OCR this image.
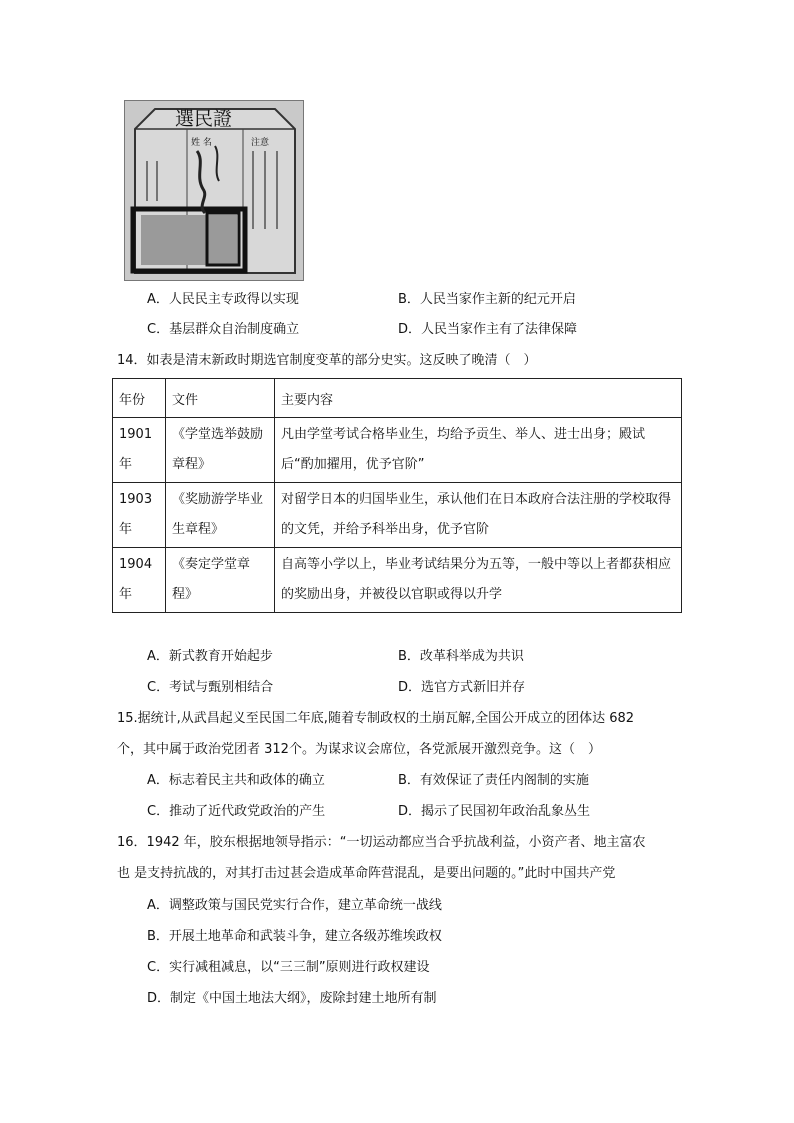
選民證
姓 名	注意
A．人民民主专政得以实现	B．人民当家作主新的纪元开启
C．基层群众自治制度确立	D．人民当家作主有了法律保障
14．如表是清末新政时期选官制度变革的部分史实。这反映了晚清（　）
年份	文件	主要内容
1901年	《学堂选举鼓励章程》	凡由学堂考试合格毕业生，均给予贡生、举人、进士出身；殿试后“酌加擢用，优予官阶”
1903年	《奖励游学毕业生章程》	对留学日本的归国毕业生，承认他们在日本政府合法注册的学校取得的文凭，并给予科举出身，优予官阶
1904年	《奏定学堂章程》	自高等小学以上，毕业考试结果分为五等，一般中等以上者都获相应的奖励出身，并被役以官职或得以升学
A．新式教育开始起步	B．改革科举成为共识
C．考试与甄别相结合	D．选官方式新旧并存
15.据统计,从武昌起义至民国二年底,随着专制政权的土崩瓦解,全国公开成立的团体达 682
个，其中属于政治党团者 312个。为谋求议会席位，各党派展开激烈竞争。这（　）
A．标志着民主共和政体的确立	B．有效保证了责任内阁制的实施
C．推动了近代政党政治的产生	D．揭示了民国初年政治乱象丛生
16．1942 年，胶东根据地领导指示：“一切运动都应当合乎抗战利益，小资产者、地主富农
也 是支持抗战的，对其打击过甚会造成革命阵营混乱，是要出问题的。”此时中国共产党
A．调整政策与国民党实行合作，建立革命统一战线
B．开展土地革命和武装斗争，建立各级苏维埃政权
C．实行减租减息，以“三三制”原则进行政权建设
D．制定《中国土地法大纲》，废除封建土地所有制
